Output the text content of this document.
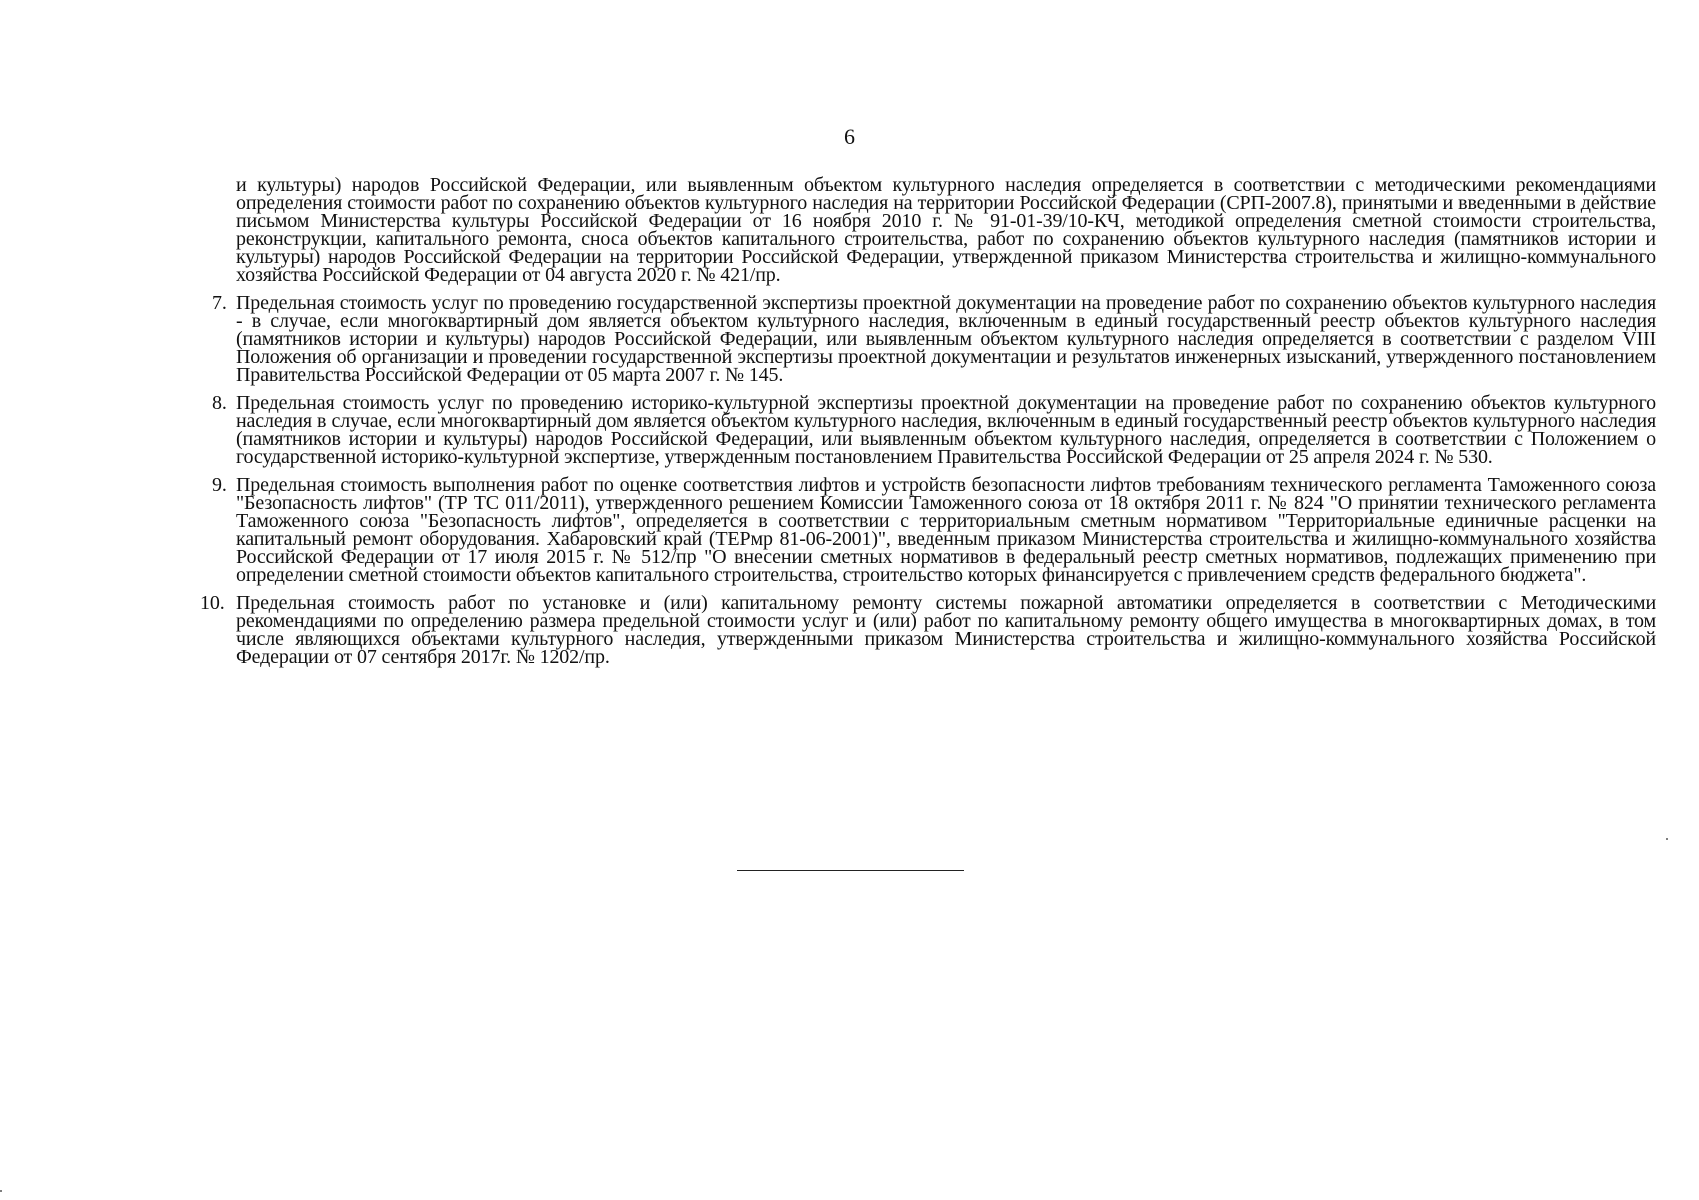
6

и культуры) народов Российской Федерации, или выявленным объектом культурного наследия определяется в соответствии с методическими рекомендациями определения стоимости работ по сохранению объектов культурного наследия на территории Российской Федерации (СРП-2007.8), принятыми и введенными в действие письмом Министерства культуры Российской Федерации от 16 ноября 2010 г. № 91-01-39/10-КЧ, методикой определения сметной стоимости строительства, реконструкции, капитального ремонта, сноса объектов капитального строительства, работ по сохранению объектов культурного наследия (памятников истории и культуры) народов Российской Федерации на территории Российской Федерации, утвержденной приказом Министерства строительства и жилищно-коммунального хозяйства Российской Федерации от 04 августа 2020 г. № 421/пр.

7. Предельная стоимость услуг по проведению государственной экспертизы проектной документации на проведение работ по сохранению объектов культурного наследия - в случае, если многоквартирный дом является объектом культурного наследия, включенным в единый государственный реестр объектов культурного наследия (памятников истории и культуры) народов Российской Федерации, или выявленным объектом культурного наследия определяется в соответствии с разделом VIII Положения об организации и проведении государственной экспертизы проектной документации и результатов инженерных изысканий, утвержденного постановлением Правительства Российской Федерации от 05 марта 2007 г. № 145.
8. Предельная стоимость услуг по проведению историко-культурной экспертизы проектной документации на проведение работ по сохранению объектов культурного наследия в случае, если многоквартирный дом является объектом культурного наследия, включенным в единый государственный реестр объектов культурного наследия (памятников истории и культуры) народов Российской Федерации, или выявленным объектом культурного наследия, определяется в соответствии с Положением о государственной историко-культурной экспертизе, утвержденным постановлением Правительства Российской Федерации от 25 апреля 2024 г. № 530.
9. Предельная стоимость выполнения работ по оценке соответствия лифтов и устройств безопасности лифтов требованиям технического регламента Таможенного союза "Безопасность лифтов" (ТР ТС 011/2011), утвержденного решением Комиссии Таможенного союза от 18 октября 2011 г. № 824 "О принятии технического регламента Таможенного союза "Безопасность лифтов", определяется в соответствии с территориальным сметным нормативом "Территориальные единичные расценки на капитальный ремонт оборудования. Хабаровский край (ТЕРмр 81-06-2001)", введенным приказом Министерства строительства и жилищно-коммунального хозяйства Российской Федерации от 17 июля 2015 г. № 512/пр "О внесении сметных нормативов в федеральный реестр сметных нормативов, подлежащих применению при определении сметной стоимости объектов капитального строительства, строительство которых финансируется с привлечением средств федерального бюджета".
10. Предельная стоимость работ по установке и (или) капитальному ремонту системы пожарной автоматики определяется в соответствии с Методическими рекомендациями по определению размера предельной стоимости услуг и (или) работ по капитальному ремонту общего имущества в многоквартирных домах, в том числе являющихся объектами культурного наследия, утвержденными приказом Министерства строительства и жилищно-коммунального хозяйства Российской Федерации от 07 сентября 2017г. № 1202/пр.
